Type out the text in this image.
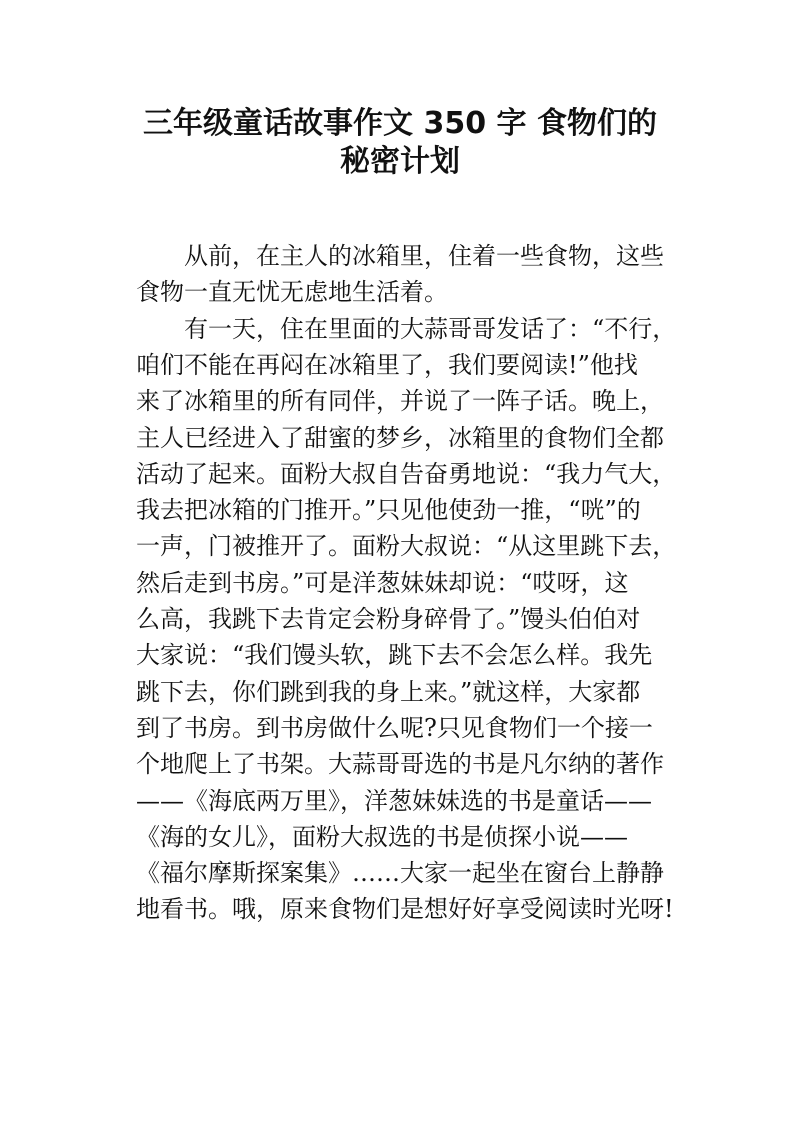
三年级童话故事作文 350 字 食物们的
秘密计划
从前，在主人的冰箱里，住着一些食物，这些
食物一直无忧无虑地生活着。
有一天，住在里面的大蒜哥哥发话了：“不行，
咱们不能在再闷在冰箱里了，我们要阅读!”他找
来了冰箱里的所有同伴，并说了一阵子话。晚上，
主人已经进入了甜蜜的梦乡，冰箱里的食物们全都
活动了起来。面粉大叔自告奋勇地说：“我力气大，
我去把冰箱的门推开。”只见他使劲一推，“咣”的
一声，门被推开了。面粉大叔说：“从这里跳下去，
然后走到书房。”可是洋葱妹妹却说：“哎呀，这
么高，我跳下去肯定会粉身碎骨了。”馒头伯伯对
大家说：“我们馒头软，跳下去不会怎么样。我先
跳下去，你们跳到我的身上来。”就这样，大家都
到了书房。到书房做什么呢?只见食物们一个接一
个地爬上了书架。大蒜哥哥选的书是凡尔纳的著作
——《海底两万里》，洋葱妹妹选的书是童话——
《海的女儿》，面粉大叔选的书是侦探小说——
《福尔摩斯探案集》……大家一起坐在窗台上静静
地看书。哦，原来食物们是想好好享受阅读时光呀!
